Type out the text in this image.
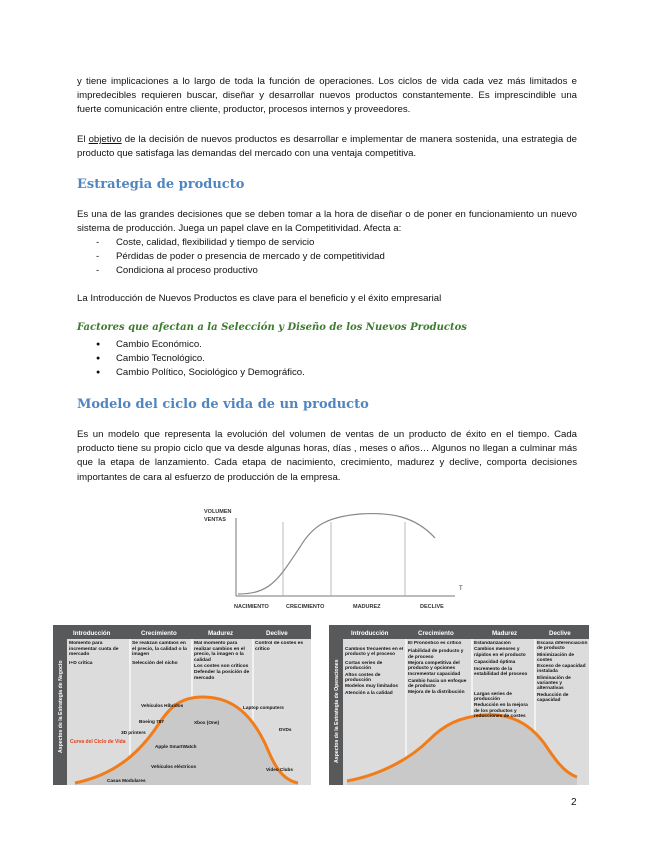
y tiene implicaciones a lo largo de toda la función de operaciones. Los ciclos de vida cada vez más limitados e impredecibles requieren buscar, diseñar y desarrollar nuevos productos constantemente. Es imprescindible una fuerte comunicación entre cliente, productor, procesos internos y proveedores.

El objetivo de la decisión de nuevos productos es desarrollar e implementar de manera sostenida, una estrategia de producto que satisfaga las demandas del mercado con una ventaja competitiva.

Estrategia de producto

Es una de las grandes decisiones que se deben tomar a la hora de diseñar o de poner en funcionamiento un nuevo sistema de producción. Juega un papel clave en la Competitividad. Afecta a:

- Coste, calidad, flexibilidad y tiempo de servicio
- Pérdidas de poder o presencia de mercado y de competitividad
- Condiciona al proceso productivo

La Introducción de Nuevos Productos es clave para el beneficio y el éxito empresarial

Factores que afectan a la Selección y Diseño de los Nuevos Productos
● Cambio Económico.
● Cambio Tecnológico.
● Cambio Político, Sociológico y Demográfico.
Modelo del ciclo de vida de un producto

Es un modelo que representa la evolución del volumen de ventas de un producto de éxito en el tiempo. Cada producto tiene su propio ciclo que va desde algunas horas, días , meses o años… Algunos no llegan a culminar más que la etapa de lanzamiento. Cada etapa de nacimiento, crecimiento, madurez y declive, comporta decisiones importantes de cara al esfuerzo de producción de la empresa.

VOLUMEN
VENTAS
T
NACIMIENTO	CRECIMIENTO	MADUREZ	DECLIVE
Aspectos de la Estrategia de Negocio
Introducción	Crecimiento	Madurez	Declive
Momento para incrementar cuota de mercado
I+D crítica
Se realizan cambios en el precio, la calidad o la imagen
Selección del nicho
Mal momento para realizar cambios en el precio, la imagen o la calidad
Los costes son críticos
Defender la posición de mercado
Control de costes es crítico
Curva del Ciclo de Vida
Vehículos Híbridos
Boeing 787
3D printers
Apple SmartWatch
Vehículos eléctricos
Casas Modulares
Xbox (One)
Laptop computers
DVDs
Video Clubs
Aspectos de la Estrategia de Operaciones
Introducción	Crecimiento	Madurez	Declive
Cambios frecuentes en el producto y el proceso
Cortas series de producción
Altos costes de producción
Modelos muy limitados
Atención a la calidad
El Pronóstico es crítico
Fiabilidad de producto y de proceso
Mejora competitiva del producto y opciones
Incrementar capacidad
Cambio hacia un enfoque de producto
Mejora de la distribución
Estandarización
Cambios menores y rápidos en el producto
Capacidad óptima
Incremento de la estabilidad del proceso
Largas series de producción
Reducción en la mejora de los productos y reducciones de costes
Escasa diferenciación de producto
Minimización de costes
Exceso de capacidad instalada
Eliminación de variantes y alternativas
Reducción de capacidad
2
